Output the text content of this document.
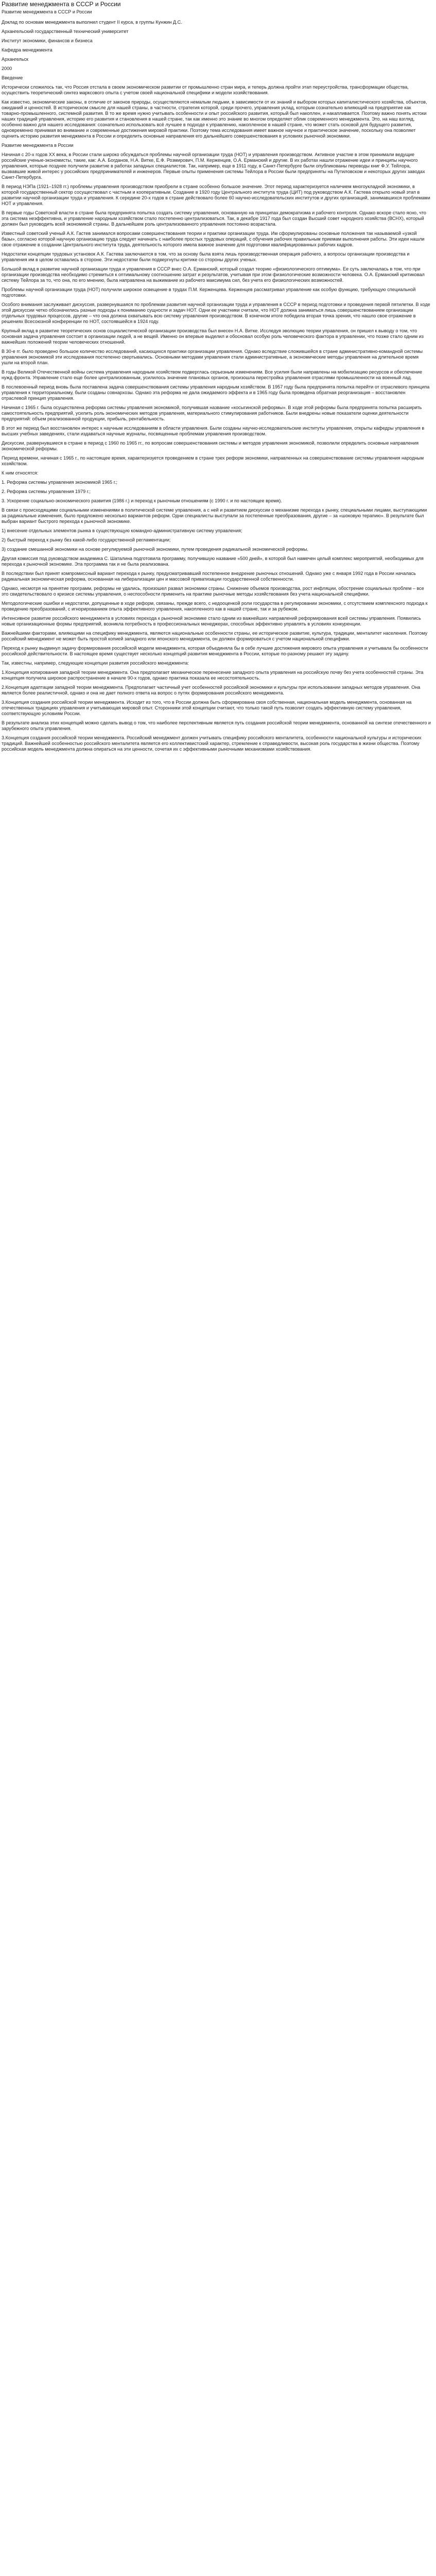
Развитие менеджмента в СССР и России
Развитие менеджмента в СССР и России
Доклад по основам менеджмента выполнил студент II курса, в группы Кунжин Д.С.
Архангельский государственный технический университет
Институт экономики, финансов и бизнеса
Кафедра менеджмента
Архангельск
2000
Введение
Исторически сложилось так, что Россия отстала в своем экономическом развитии от промышленно стран мира, и теперь должна пройти этап переустройства, трансформации общества, осуществить теоретический синтез марксового опыта с учетом своей национальной специфики и модели хозяйствования.
Как известно, экономические законы, в отличие от законов природы, осуществляются немалым людьми, в зависимости от их знаний и выбором которых капиталистического хозяйства, объектов, ожиданий и ценностей. В историческом смысле для нашей страны, в частности, стратегия которой, среди прочего, управления уклад, которым сознательно влияющий на предприятие как товарно-промышленного, системной развития. В то же время нужно учитывать особенности и опыт российского развития, который был накоплен, и накапливается. Поэтому важно понять истоки наших традиций управления, историю его развития и становления в нашей стране, так как именно это знание во многом определяет облик современного менеджмента. Это, на наш взгляд, особенно важно для нашего исследования: сознательно использовать всё лучшее в подходе к управлению, накопленное в нашей стране, что может стать основой для будущего развития, одновременно принимая во внимание и современные достижения мировой практики. Поэтому тема исследования имеет важное научное и практическое значение, поскольку она позволяет оценить историю развития менеджмента в России и определить основные направления его дальнейшего совершенствования в условиях рыночной экономики.
Развитие менеджмента в России
Начиная с 20-х годов XX века, в России стали широко обсуждаться проблемы научной организации труда (НОТ) и управления производством. Активное участие в этом принимали ведущие российские ученые-экономисты, такие, как: А.А. Богданов, Н.А. Витке, Е.Ф. Розмирович, П.М. Керженцев, О.А. Ерманский и другие. В их работах нашли отражение идеи и принципы научного управления, которые позднее получили развитие в работах западных специалистов. Так, например, еще в 1911 году, в Санкт-Петербурге были опубликованы переводы книг Ф.У. Тейлора, вызвавшие живой интерес у российских предпринимателей и инженеров. Первые опыты применения системы Тейлора в России были предприняты на Путиловском и некоторых других заводах Санкт-Петербурга.
В период НЭПа (1921–1928 гг.) проблемы управления производством приобрели в стране особенно большое значение. Этот период характеризуется наличием многоукладной экономики, в которой государственный сектор сосуществовал с частным и кооперативным. Создание в 1920 году Центрального института труда (ЦИТ) под руководством А.К. Гастева открыло новый этап в развитии научной организации труда и управления. К середине 20-х годов в стране действовало более 60 научно-исследовательских институтов и других организаций, занимавшихся проблемами НОТ и управления.
В первые годы Советской власти в стране была предпринята попытка создать систему управления, основанную на принципах демократизма и рабочего контроля. Однако вскоре стало ясно, что эта система неэффективна, и управление народным хозяйством стало постепенно централизоваться. Так, в декабре 1917 года был создан Высший совет народного хозяйства (ВСНХ), который должен был руководить всей экономикой страны. В дальнейшем роль централизованного управления постоянно возрастала.
Известный советский ученый А.К. Гастев занимался вопросами совершенствования теории и практики организации труда. Им сформулированы основные положения так называемой «узкой базы», согласно которой научную организацию труда следует начинать с наиболее простых трудовых операций, с обучения рабочих правильным приемам выполнения работы. Эти идеи нашли свое отражение в создании Центрального института труда, деятельность которого имела важное значение для подготовки квалифицированных рабочих кадров.
Недостатки концепции трудовых установок А.К. Гастева заключаются в том, что за основу была взята лишь производственная операция рабочего, а вопросы организации производства и управления им в целом оставались в стороне. Эти недостатки были подвергнуты критике со стороны других ученых.
Большой вклад в развитие научной организации труда и управления в СССР внес О.А. Ерманский, который создал теорию «физиологического оптимума». Ее суть заключалась в том, что при организации производства необходимо стремиться к оптимальному соотношению затрат и результатов, учитывая при этом физиологические возможности человека. О.А. Ерманский критиковал систему Тейлора за то, что она, по его мнению, была направлена на выжимание из рабочего максимума сил, без учета его физиологических возможностей.
Проблемы научной организации труда (НОТ) получили широкое освещение в трудах П.М. Керженцева. Керженцев рассматривал управление как особую функцию, требующую специальной подготовки.
Особого внимания заслуживает дискуссия, развернувшаяся по проблемам развития научной организации труда и управления в СССР в период подготовки и проведения первой пятилетки. В ходе этой дискуссии четко обозначились разные подходы к пониманию сущности и задач НОТ. Одни ее участники считали, что НОТ должна заниматься лишь совершенствованием организации отдельных трудовых процессов, другие – что она должна охватывать всю систему управления производством. В конечном итоге победила вторая точка зрения, что нашло свое отражение в решениях Всесоюзной конференции по НОТ, состоявшейся в 1924 году.
Крупный вклад в развитие теоретических основ социалистической организации производства был внесен Н.А. Витке. Исследуя эволюцию теории управления, он пришел к выводу о том, что основная задача управления состоит в организации людей, а не вещей. Именно он впервые выделил и обосновал особую роль человеческого фактора в управлении, что позже стало одним из важнейших положений теории человеческих отношений.
В 30-е гг. было проведено большое количество исследований, касающихся практики организации управления. Однако вследствие сложившейся в стране административно-командной системы управления экономикой эти исследования постепенно свертывались. Основными методами управления стали административные, а экономические методы управления на длительное время ушли на второй план.
В годы Великой Отечественной войны система управления народным хозяйством подверглась серьезным изменениям. Все усилия были направлены на мобилизацию ресурсов и обеспечение нужд фронта. Управление стало еще более централизованным, усилилось значение плановых органов, произошла перестройка управления отраслями промышленности на военный лад.
В послевоенный период вновь была поставлена задача совершенствования системы управления народным хозяйством. В 1957 году была предпринята попытка перейти от отраслевого принципа управления к территориальному, были созданы совнархозы. Однако эта реформа не дала ожидаемого эффекта и в 1965 году была проведена обратная реорганизация – восстановлен отраслевой принцип управления.
Начиная с 1965 г. была осуществлена реформа системы управления экономикой, получившая название «косыгинской реформы». В ходе этой реформы была предпринята попытка расширить самостоятельность предприятий, усилить роль экономических методов управления, материального стимулирования работников. Были внедрены новые показатели оценки деятельности предприятий: объем реализованной продукции, прибыль, рентабельность.
В этот же период был восстановлен интерес к научным исследованиям в области управления. Были созданы научно-исследовательские институты управления, открыты кафедры управления в высших учебных заведениях, стали издаваться научные журналы, посвященные проблемам управления производством.
Дискуссии, развернувшиеся в стране в период с 1960 по 1965 гг., по вопросам совершенствования системы и методов управления экономикой, позволили определить основные направления экономической реформы.
Период времени, начиная с 1965 г., по настоящее время, характеризуется проведением в стране трех реформ экономики, направленных на совершенствование системы управления народным хозяйством.
К ним относятся:
1. Реформа системы управления экономикой 1965 г.;
2. Реформа системы управления 1979 г.;
3. Ускорение социально-экономического развития (1986 г.) и переход к рыночным отношениям (с 1990 г. и по настоящее время).
В связи с происходящими социальными изменениями в политической системе управления, а с ней и развитием дискуссии о механизме перехода к рынку, специальными лицами, выступающими за радикальные изменения, было предложено несколько вариантов реформ. Одни специалисты выступали за постепенные преобразования, другие – за «шоковую терапию». В результате был выбран вариант быстрого перехода к рыночной экономике.
1) внесение отдельных элементов рынка в существующую командно-административную систему управления;
2) быстрый переход к рынку без какой-либо государственной регламентации;
3) создание смешанной экономики на основе регулируемой рыночной экономики, путем проведения радикальной экономической реформы.
Другая комиссия под руководством академика С. Шаталина подготовила программу, получившую название «500 дней», в которой был намечен целый комплекс мероприятий, необходимых для перехода к рыночной экономике. Эта программа так и не была реализована.
В последствии был принят компромиссный вариант перехода к рынку, предусматривавший постепенное внедрение рыночных отношений. Однако уже с января 1992 года в России началась радикальная экономическая реформа, основанная на либерализации цен и массовой приватизации государственной собственности.
Однако, несмотря на принятие программ, реформы не удались, произошел развал экономики страны. Снижение объемов производства, рост инфляции, обострение социальных проблем – все это свидетельствовало о кризисе системы управления, о неспособности применить на практике рыночные методы хозяйствования без учета национальной специфики.
Методологические ошибки и недостатки, допущенные в ходе реформ, связаны, прежде всего, с недооценкой роли государства в регулировании экономики, с отсутствием комплексного подхода к проведению преобразований, с игнорированием опыта эффективного управления, накопленного как в нашей стране, так и за рубежом.
Интенсивное развитие российского менеджмента в условиях перехода к рыночной экономике стало одним из важнейших направлений реформирования всей системы управления. Появились новые организационные формы предприятий, возникла потребность в профессиональных менеджерах, способных эффективно управлять в условиях конкуренции.
Важнейшими факторами, влияющими на специфику менеджмента, являются национальные особенности страны, ее историческое развитие, культура, традиции, менталитет населения. Поэтому российский менеджмент не может быть простой копией западного или японского менеджмента, он должен формироваться с учетом национальной специфики.
Переход к рынку выдвинул задачу формирования российской модели менеджмента, которая объединяла бы в себе лучшие достижения мирового опыта управления и учитывала бы особенности российской действительности. В настоящее время существует несколько концепций развития менеджмента в России, которые по-разному решают эту задачу.
Так, известны, например, следующие концепции развития российского менеджмента:
1.Концепция копирования западной теории менеджмента. Она предполагает механическое перенесение западного опыта управления на российскую почву без учета особенностей страны. Эта концепция получила широкое распространение в начале 90-х годов, однако практика показала ее несостоятельность.
2.Концепция адаптации западной теории менеджмента. Предполагает частичный учет особенностей российской экономики и культуры при использовании западных методов управления. Она является более реалистичной, однако и она не дает полного ответа на вопрос о путях формирования российского менеджмента.
3.Концепция создания российской теории менеджмента. Исходит из того, что в России должна быть сформирована своя собственная, национальная модель менеджмента, основанная на отечественных традициях управления и учитывающая мировой опыт. Сторонники этой концепции считают, что только такой путь позволит создать эффективную систему управления, соответствующую условиям России.
В результате анализа этих концепций можно сделать вывод о том, что наиболее перспективным является путь создания российской теории менеджмента, основанной на синтезе отечественного и зарубежного опыта управления.
3.Концепция создания российской теории менеджмента. Российский менеджмент должен учитывать специфику российского менталитета, особенности национальной культуры и исторических традиций. Важнейшей особенностью российского менталитета является его коллективистский характер, стремление к справедливости, высокая роль государства в жизни общества. Поэтому российская модель менеджмента должна опираться на эти ценности, сочетая их с эффективными рыночными механизмами хозяйствования.
